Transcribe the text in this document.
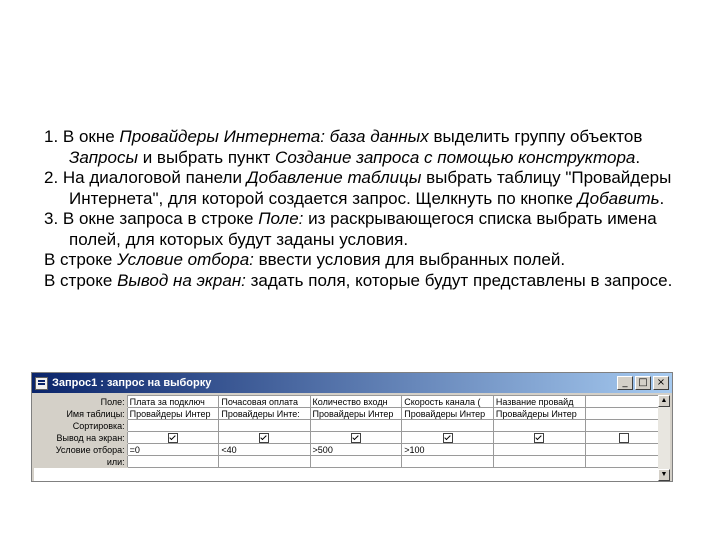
1. В окне Провайдеры Интернета: база данных выделить группу объектов Запросы и выбрать пункт Создание запроса с помощью конструктора.

2. На диалоговой панели Добавление таблицы выбрать таблицу "Провайдеры Интернета", для которой создается запрос. Щелкнуть по кнопке Добавить.

3. В окне запроса в строке Поле: из раскрывающегося списка выбрать имена полей, для которых будут заданы условия.

В строке Условие отбора: ввести условия для выбранных полей.

В строке Вывод на экран: задать поля, которые будут представлены в запросе.

Запрос1 : запрос на выборку	_	□ ×
Поле:	Плата за подключ	Почасовая оплата	Количество входн	Скорость канала (	Название провайд	
Имя таблицы:	Провайдеры Интер	Провайдеры Инте:	Провайдеры Интер	Провайдеры Интер	Провайдеры Интер	
Сортировка:						
Вывод на экран:						
Условие отбора:	=0	<40	>500	>100		
или:						
▲
▼
